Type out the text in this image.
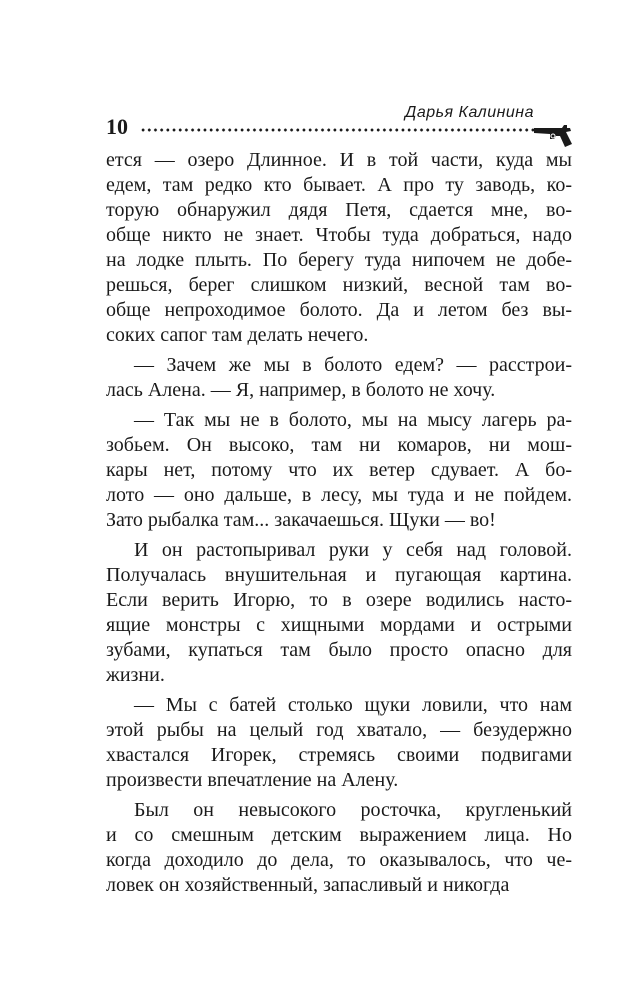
10
Дарья Калинина
ется — озеро Длинное. И в той части, куда мы
едем, там редко кто бывает. А про ту заводь, ко-
торую обнаружил дядя Петя, сдается мне, во-
обще никто не знает. Чтобы туда добраться, надо
на лодке плыть. По берегу туда нипочем не добе-
решься, берег слишком низкий, весной там во-
обще непроходимое болото. Да и летом без вы-
соких сапог там делать нечего.
— Зачем же мы в болото едем? — расстрои-
лась Алена. — Я, например, в болото не хочу.
— Так мы не в болото, мы на мысу лагерь ра-
зобьем. Он высоко, там ни комаров, ни мош-
кары нет, потому что их ветер сдувает. А бо-
лото — оно дальше, в лесу, мы туда и не пойдем.
Зато рыбалка там... закачаешься. Щуки — во!
И он растопыривал руки у себя над головой.
Получалась внушительная и пугающая картина.
Если верить Игорю, то в озере водились насто-
ящие монстры с хищными мордами и острыми
зубами, купаться там было просто опасно для
жизни.
— Мы с батей столько щуки ловили, что нам
этой рыбы на целый год хватало, — безудержно
хвастался Игорек, стремясь своими подвигами
произвести впечатление на Алену.
Был он невысокого росточка, кругленький
и со смешным детским выражением лица. Но
когда доходило до дела, то оказывалось, что че-
ловек он хозяйственный, запасливый и никогда
